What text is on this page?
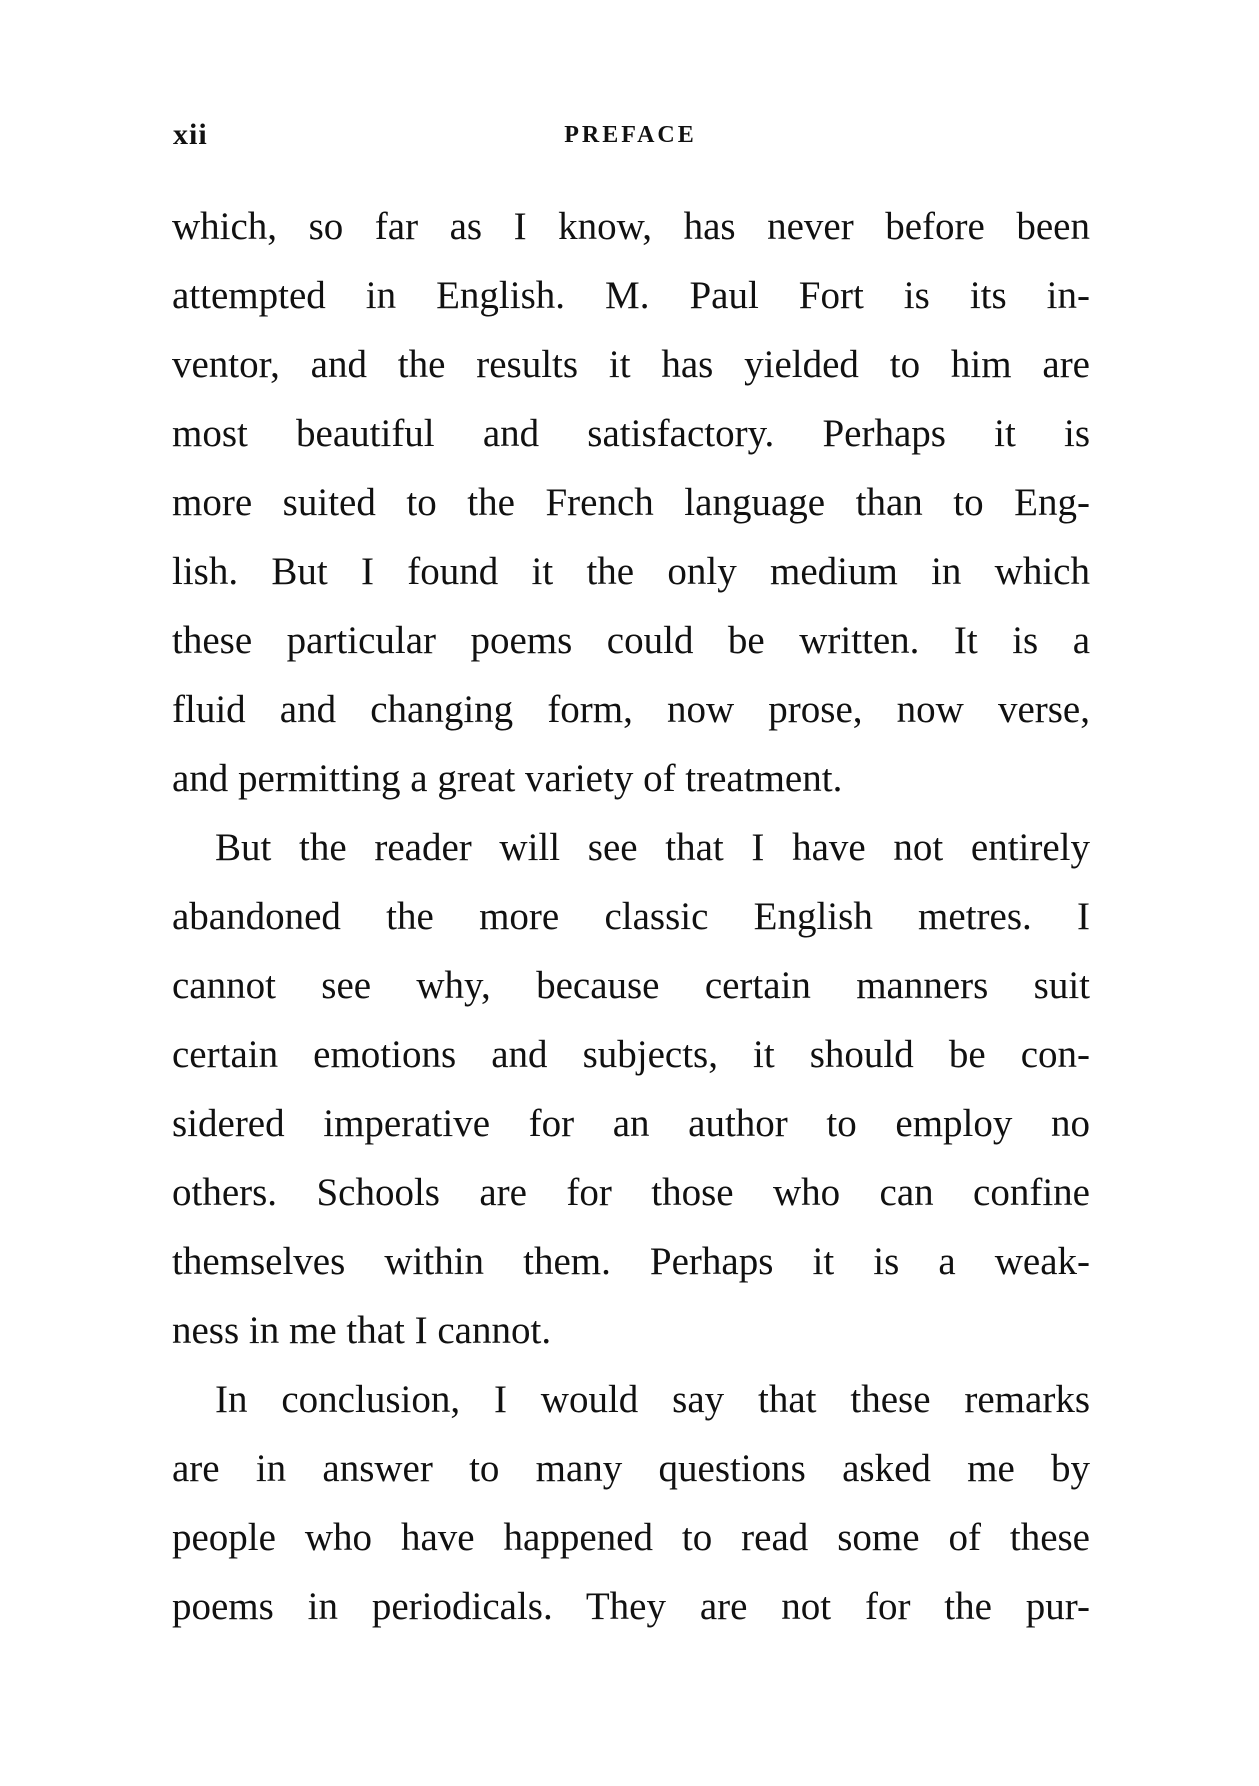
xii	PREFACE
which, so far as I know, has never before been
attempted in English. M. Paul Fort is its in-
ventor, and the results it has yielded to him are
most beautiful and satisfactory. Perhaps it is
more suited to the French language than to Eng-
lish. But I found it the only medium in which
these particular poems could be written. It is a
fluid and changing form, now prose, now verse,
and permitting a great variety of treatment.
But the reader will see that I have not entirely
abandoned the more classic English metres. I
cannot see why, because certain manners suit
certain emotions and subjects, it should be con-
sidered imperative for an author to employ no
others. Schools are for those who can confine
themselves within them. Perhaps it is a weak-
ness in me that I cannot.
In conclusion, I would say that these remarks
are in answer to many questions asked me by
people who have happened to read some of these
poems in periodicals. They are not for the pur-
